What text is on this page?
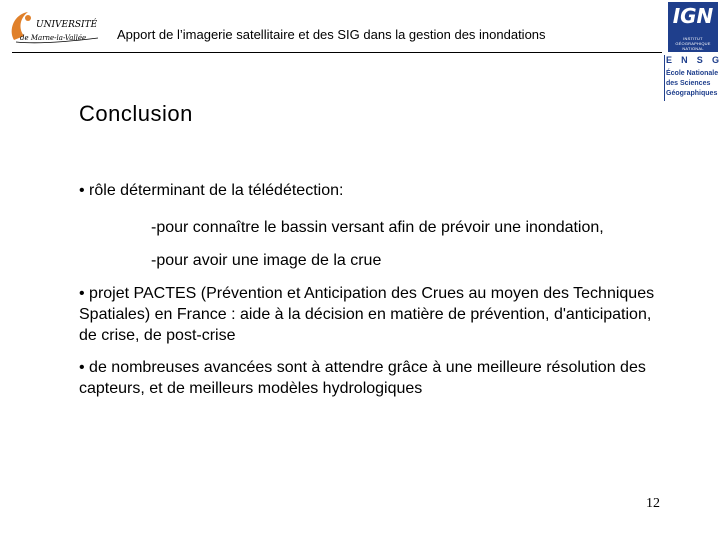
UNIVERSITÉ
de Marne-la-Vallée Apport de l’imagerie satellitaire et des SIG dans la gestion des inondations
IGN
INSTITUT
GÉOGRAPHIQUE
NATIONAL
E N S G
École Nationale
des Sciences
Géographiques
Conclusion
• rôle déterminant de la télédétection:
-pour connaître le bassin versant afin de prévoir une inondation,
-pour avoir une image de la crue
• projet PACTES (Prévention et Anticipation des Crues au moyen des Techniques Spatiales) en France : aide à la décision en matière de prévention, d'anticipation, de crise, de post-crise
• de nombreuses avancées sont à attendre grâce à une meilleure résolution des capteurs, et de meilleurs modèles hydrologiques
12
